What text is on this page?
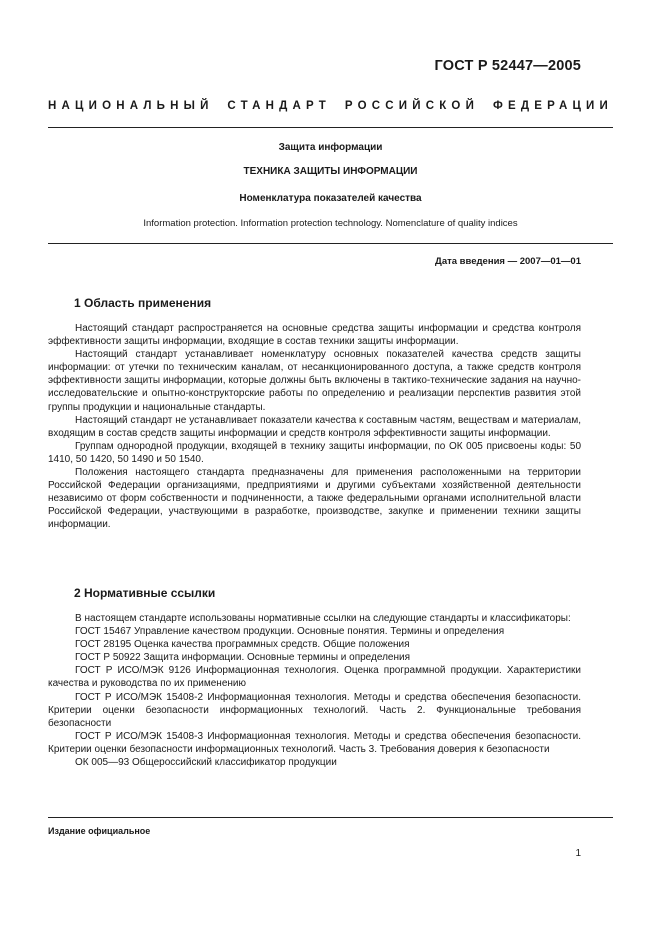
ГОСТ Р 52447—2005
НАЦИОНАЛЬНЫЙ СТАНДАРТ РОССИЙСКОЙ ФЕДЕРАЦИИ
Защита информации
ТЕХНИКА ЗАЩИТЫ ИНФОРМАЦИИ
Номенклатура показателей качества
Information protection. Information protection technology. Nomenclature of quality indices
Дата введения — 2007—01—01
1 Область применения

Настоящий стандарт распространяется на основные средства защиты информации и средства контроля эффективности защиты информации, входящие в состав техники защиты информации.

Настоящий стандарт устанавливает номенклатуру основных показателей качества средств защиты информации: от утечки по техническим каналам, от несанкционированного доступа, а также средств контроля эффективности защиты информации, которые должны быть включены в тактико-технические задания на научно-исследовательские и опытно-конструкторские работы по определению и реализации перспектив развития этой группы продукции и национальные стандарты.

Настоящий стандарт не устанавливает показатели качества к составным частям, веществам и материалам, входящим в состав средств защиты информации и средств контроля эффективности защиты информации.

Группам однородной продукции, входящей в технику защиты информации, по ОК 005 присвоены коды: 50 1410, 50 1420, 50 1490 и 50 1540.

Положения настоящего стандарта предназначены для применения расположенными на территории Российской Федерации организациями, предприятиями и другими субъектами хозяйственной деятельности независимо от форм собственности и подчиненности, а также федеральными органами исполнительной власти Российской Федерации, участвующими в разработке, производстве, закупке и применении техники защиты информации.

2 Нормативные ссылки

В настоящем стандарте использованы нормативные ссылки на следующие стандарты и классификаторы:

ГОСТ 15467 Управление качеством продукции. Основные понятия. Термины и определения

ГОСТ 28195 Оценка качества программных средств. Общие положения

ГОСТ Р 50922 Защита информации. Основные термины и определения

ГОСТ Р ИСО/МЭК 9126 Информационная технология. Оценка программной продукции. Характеристики качества и руководства по их применению

ГОСТ Р ИСО/МЭК 15408-2 Информационная технология. Методы и средства обеспечения безопасности. Критерии оценки безопасности информационных технологий. Часть 2. Функциональные требования безопасности

ГОСТ Р ИСО/МЭК 15408-3 Информационная технология. Методы и средства обеспечения безопасности. Критерии оценки безопасности информационных технологий. Часть 3. Требования доверия к безопасности

ОК 005—93 Общероссийский классификатор продукции

Издание официальное
1
